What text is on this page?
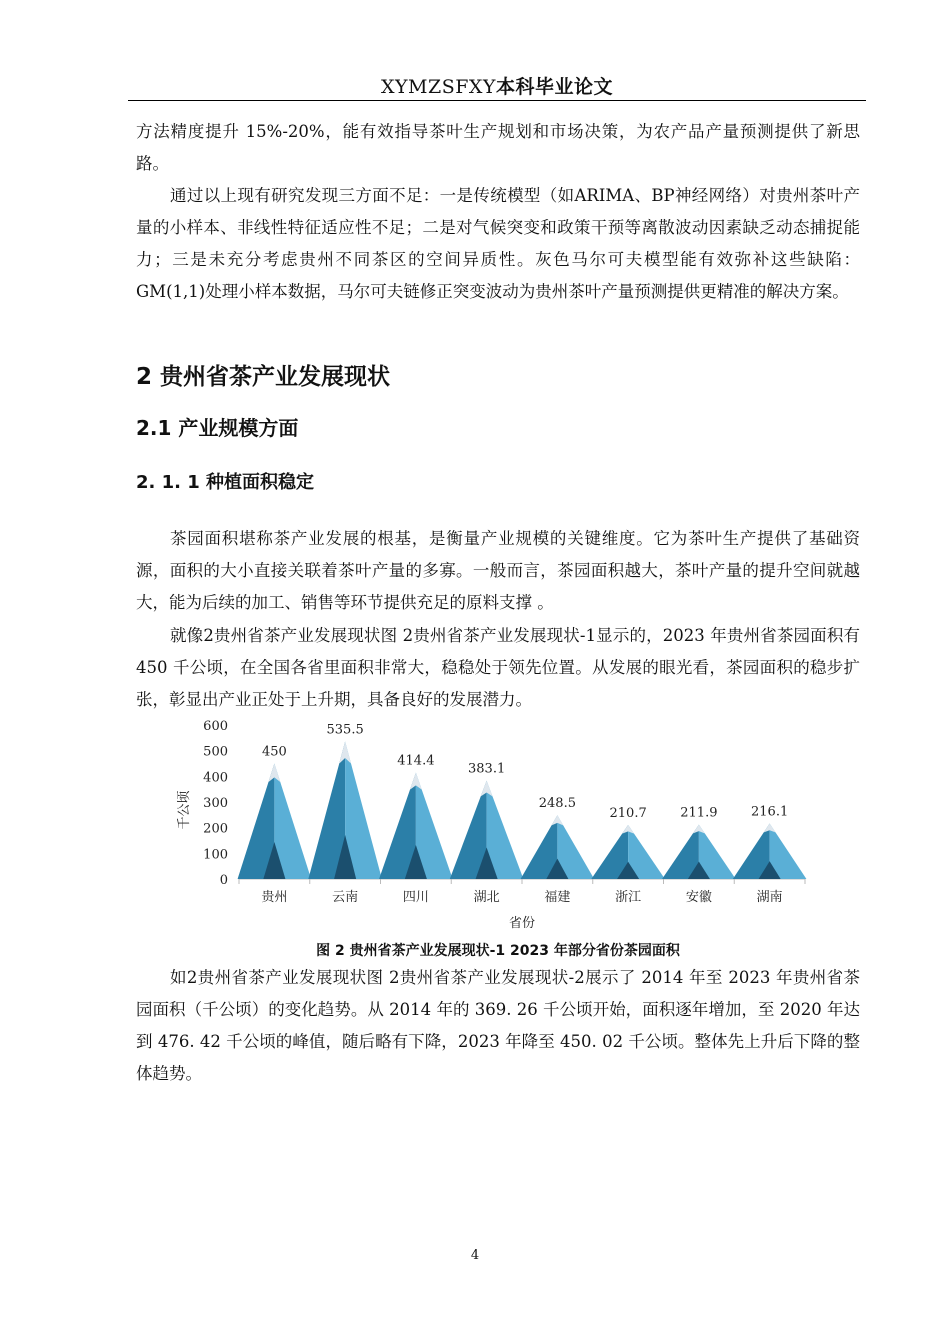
XYMZSFXY本科毕业论文

方法精度提升 15%-20%，能有效指导茶叶生产规划和市场决策，为农产品产量预测提供了新思路。

通过以上现有研究发现三方面不足：一是传统模型（如ARIMA、BP神经网络）对贵州茶叶产量的小样本、非线性特征适应性不足；二是对气候突变和政策干预等离散波动因素缺乏动态捕捉能力；三是未充分考虑贵州不同茶区的空间异质性。灰色马尔可夫模型能有效弥补这些缺陷：GM(1,1)处理小样本数据，马尔可夫链修正突变波动为贵州茶叶产量预测提供更精准的解决方案。

2 贵州省茶产业发展现状
2.1 产业规模方面
2. 1. 1 种植面积稳定

茶园面积堪称茶产业发展的根基，是衡量产业规模的关键维度。它为茶叶生产提供了基础资源，面积的大小直接关联着茶叶产量的多寡。一般而言，茶园面积越大，茶叶产量的提升空间就越大，能为后续的加工、销售等环节提供充足的原料支撑 。

就像2贵州省茶产业发展现状图 2贵州省茶产业发展现状-1显示的，2023 年贵州省茶园面积有 450 千公顷，在全国各省里面积非常大，稳稳处于领先位置。从发展的眼光看，茶园面积的稳步扩张，彰显出产业正处于上升期，具备良好的发展潜力。

0
100
200
300
400
500
600
450
贵州
535.5
云南
414.4
四川
383.1
湖北
248.5
福建
210.7
浙江
211.9
安徽
216.1
湖南
省份
千公顷
图 2 贵州省茶产业发展现状-1 2023 年部分省份茶园面积

如2贵州省茶产业发展现状图 2贵州省茶产业发展现状-2展示了 2014 年至 2023 年贵州省茶园面积（千公顷）的变化趋势。从 2014 年的 369. 26 千公顷开始，面积逐年增加，至 2020 年达到 476. 42 千公顷的峰值，随后略有下降，2023 年降至 450. 02 千公顷。整体先上升后下降的整体趋势。

4
